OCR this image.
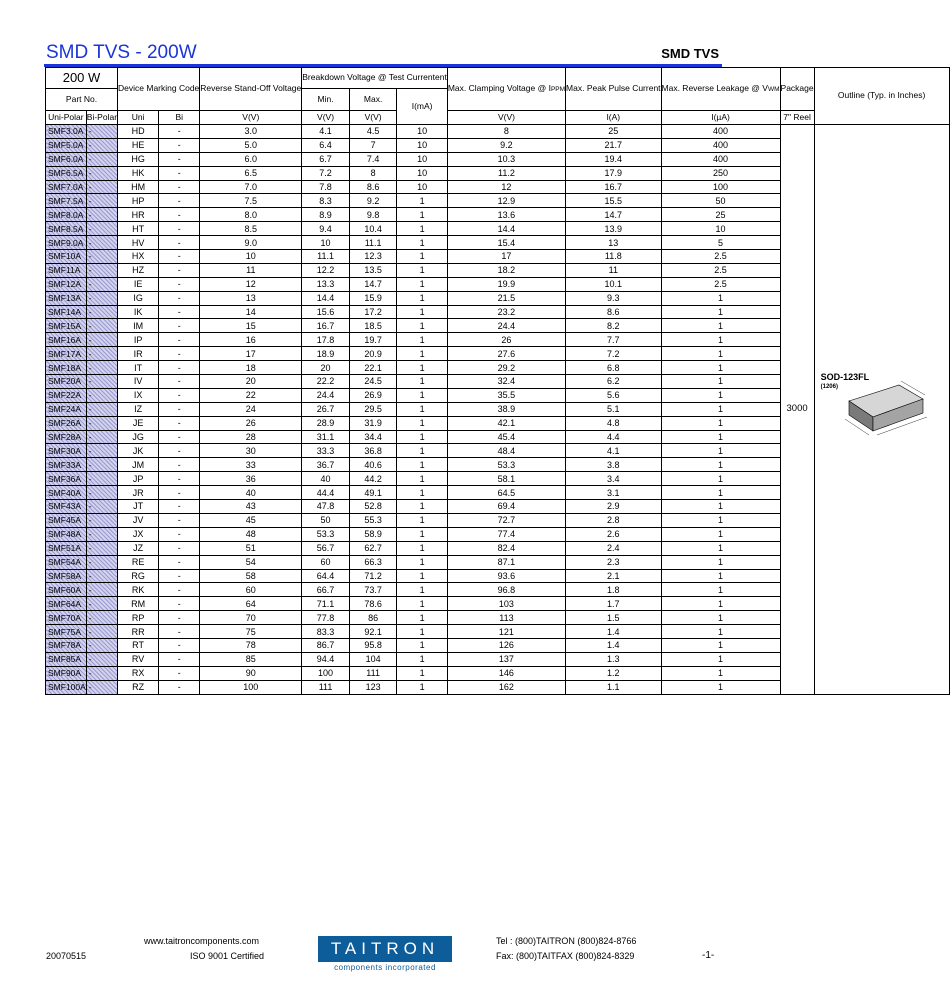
SMD TVS - 200W	SMD TVS
200 W		Device Marking Code		Reverse Stand-Off Voltage	Breakdown Voltage @ Test Currentent			Max. Clamping Voltage @ IPPM	Max. Peak Pulse Current	Max. Reverse Leakage @ VWM	Package	Outline (Typ. in Inches)
Part No.					Min.	Max.	I(mA)					
Uni-Polar	Bi-Polar	Uni	Bi	V(V)	V(V)	V(V)		V(V)	I(A)	I(µA)	7" Reel	
SMF3.0A	-	HD	-	3.0	4.1	4.5	10	8	25	400	3000	SOD-123FL
(1206)

SMF5.0A	-	HE	-	5.0	6.4	7	10	9.2	21.7	400		
SMF6.0A	-	HG	-	6.0	6.7	7.4	10	10.3	19.4	400		
SMF6.5A	-	HK	-	6.5	7.2	8	10	11.2	17.9	250		
SMF7.0A	-	HM	-	7.0	7.8	8.6	10	12	16.7	100		
SMF7.5A	-	HP	-	7.5	8.3	9.2	1	12.9	15.5	50		
SMF8.0A	-	HR	-	8.0	8.9	9.8	1	13.6	14.7	25		
SMF8.5A	-	HT	-	8.5	9.4	10.4	1	14.4	13.9	10		
SMF9.0A	-	HV	-	9.0	10	11.1	1	15.4	13	5		
SMF10A	-	HX	-	10	11.1	12.3	1	17	11.8	2.5		
SMF11A	-	HZ	-	11	12.2	13.5	1	18.2	11	2.5		
SMF12A	-	IE	-	12	13.3	14.7	1	19.9	10.1	2.5		
SMF13A	-	IG	-	13	14.4	15.9	1	21.5	9.3	1		
SMF14A	-	IK	-	14	15.6	17.2	1	23.2	8.6	1		
SMF15A	-	IM	-	15	16.7	18.5	1	24.4	8.2	1		
SMF16A	-	IP	-	16	17.8	19.7	1	26	7.7	1		
SMF17A	-	IR	-	17	18.9	20.9	1	27.6	7.2	1		
SMF18A	-	IT	-	18	20	22.1	1	29.2	6.8	1		
SMF20A	-	IV	-	20	22.2	24.5	1	32.4	6.2	1		
SMF22A	-	IX	-	22	24.4	26.9	1	35.5	5.6	1		
SMF24A	-	IZ	-	24	26.7	29.5	1	38.9	5.1	1		
SMF26A	-	JE	-	26	28.9	31.9	1	42.1	4.8	1		
SMF28A	-	JG	-	28	31.1	34.4	1	45.4	4.4	1		
SMF30A	-	JK	-	30	33.3	36.8	1	48.4	4.1	1		
SMF33A	-	JM	-	33	36.7	40.6	1	53.3	3.8	1		
SMF36A	-	JP	-	36	40	44.2	1	58.1	3.4	1		
SMF40A	-	JR	-	40	44.4	49.1	1	64.5	3.1	1		
SMF43A	-	JT	-	43	47.8	52.8	1	69.4	2.9	1		
SMF45A	-	JV	-	45	50	55.3	1	72.7	2.8	1		
SMF48A	-	JX	-	48	53.3	58.9	1	77.4	2.6	1		
SMF51A	-	JZ	-	51	56.7	62.7	1	82.4	2.4	1		
SMF54A	-	RE	-	54	60	66.3	1	87.1	2.3	1		
SMF58A	-	RG	-	58	64.4	71.2	1	93.6	2.1	1		
SMF60A	-	RK	-	60	66.7	73.7	1	96.8	1.8	1		
SMF64A	-	RM	-	64	71.1	78.6	1	103	1.7	1		
SMF70A	-	RP	-	70	77.8	86	1	113	1.5	1		
SMF75A	-	RR	-	75	83.3	92.1	1	121	1.4	1		
SMF78A	-	RT	-	78	86.7	95.8	1	126	1.4	1		
SMF85A	-	RV	-	85	94.4	104	1	137	1.3	1		
SMF90A	-	RX	-	90	100	111	1	146	1.2	1		
SMF100A	-	RZ	-	100	111	123	1	162	1.1	1		
www.taitroncomponents.com
20070515	ISO 9001 Certified	TAITRON
components incorporated
Tel : (800)TAITRON (800)824-8766
Fax: (800)TAITFAX (800)824-8329	-1-
